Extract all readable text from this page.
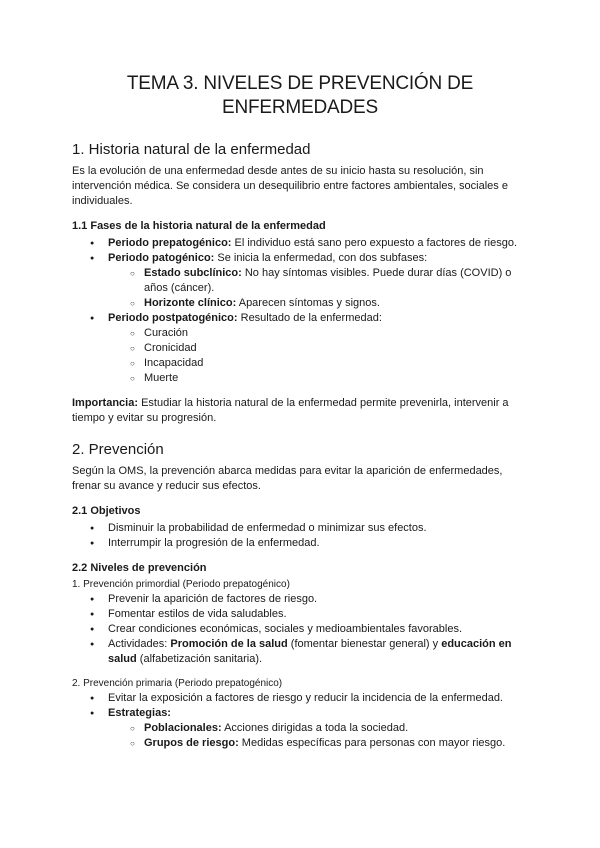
TEMA 3. NIVELES DE PREVENCIÓN DE ENFERMEDADES
1. Historia natural de la enfermedad

Es la evolución de una enfermedad desde antes de su inicio hasta su resolución, sin intervención médica. Se considera un desequilibrio entre factores ambientales, sociales e individuales.

1.1 Fases de la historia natural de la enfermedad
● Periodo prepatogénico: El individuo está sano pero expuesto a factores de riesgo.
● Periodo patogénico: Se inicia la enfermedad, con dos subfases:
○ Estado subclínico: No hay síntomas visibles. Puede durar días (COVID) o años (cáncer).
○ Horizonte clínico: Aparecen síntomas y signos.
● Periodo postpatogénico: Resultado de la enfermedad:
○ Curación
○ Cronicidad
○ Incapacidad
○ Muerte

Importancia: Estudiar la historia natural de la enfermedad permite prevenirla, intervenir a tiempo y evitar su progresión.

2. Prevención

Según la OMS, la prevención abarca medidas para evitar la aparición de enfermedades, frenar su avance y reducir sus efectos.

2.1 Objetivos
● Disminuir la probabilidad de enfermedad o minimizar sus efectos.
● Interrumpir la progresión de la enfermedad.
2.2 Niveles de prevención

1. Prevención primordial (Periodo prepatogénico)

● Prevenir la aparición de factores de riesgo.
● Fomentar estilos de vida saludables.
● Crear condiciones económicas, sociales y medioambientales favorables.
● Actividades: Promoción de la salud (fomentar bienestar general) y educación en salud (alfabetización sanitaria).

2. Prevención primaria (Periodo prepatogénico)

● Evitar la exposición a factores de riesgo y reducir la incidencia de la enfermedad.
● Estrategias:
○ Poblacionales: Acciones dirigidas a toda la sociedad.
○ Grupos de riesgo: Medidas específicas para personas con mayor riesgo.
